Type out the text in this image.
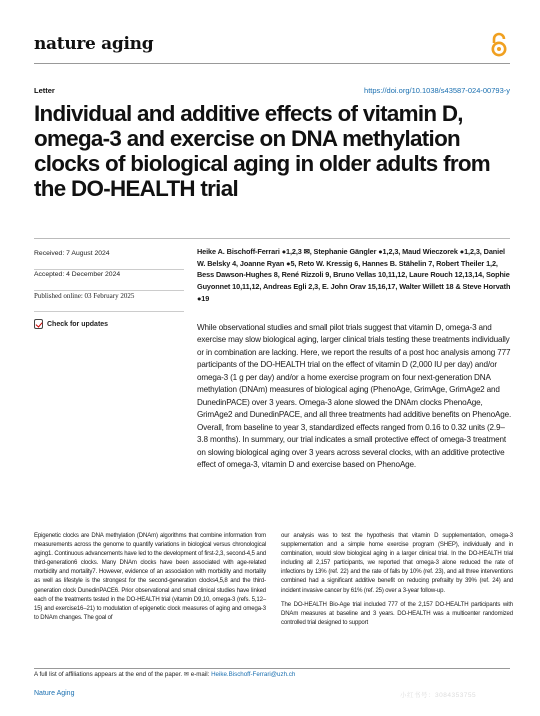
nature aging
Letter	https://doi.org/10.1038/s43587-024-00793-y
Individual and additive effects of vitamin D, omega-3 and exercise on DNA methylation clocks of biological aging in older adults from the DO-HEALTH trial
Received: 7 August 2024
Accepted: 4 December 2024
Published online: 03 February 2025
Check for updates
Heike A. Bischoff-Ferrari ●1,2,3 ✉, Stephanie Gängler ●1,2,3, Maud Wieczorek ●1,2,3, Daniel W. Belsky 4, Joanne Ryan ●5, Reto W. Kressig 6, Hannes B. Stähelin 7, Robert Theiler 1,2, Bess Dawson-Hughes 8, René Rizzoli 9, Bruno Vellas 10,11,12, Laure Rouch 12,13,14, Sophie Guyonnet 10,11,12, Andreas Egli 2,3, E. John Orav 15,16,17, Walter Willett 18 & Steve Horvath ●19
While observational studies and small pilot trials suggest that vitamin D, omega-3 and exercise may slow biological aging, larger clinical trials testing these treatments individually or in combination are lacking. Here, we report the results of a post hoc analysis among 777 participants of the DO-HEALTH trial on the effect of vitamin D (2,000 IU per day) and/or omega-3 (1 g per day) and/or a home exercise program on four next-generation DNA methylation (DNAm) measures of biological aging (PhenoAge, GrimAge, GrimAge2 and DunedinPACE) over 3 years. Omega-3 alone slowed the DNAm clocks PhenoAge, GrimAge2 and DunedinPACE, and all three treatments had additive benefits on PhenoAge. Overall, from baseline to year 3, standardized effects ranged from 0.16 to 0.32 units (2.9–3.8 months). In summary, our trial indicates a small protective effect of omega-3 treatment on slowing biological aging over 3 years across several clocks, with an additive protective effect of omega-3, vitamin D and exercise based on PhenoAge.

Epigenetic clocks are DNA methylation (DNAm) algorithms that combine information from measurements across the genome to quantify variations in biological versus chronological aging1. Continuous advancements have led to the development of first-2,3, second-4,5 and third-generation6 clocks. Many DNAm clocks have been associated with age-related morbidity and mortality7. However, evidence of an association with morbidity and mortality as well as lifestyle is the strongest for the second-generation clocks4,5,8 and the third-generation clock DunedinPACE6. Prior observational and small clinical studies have linked each of the treatments tested in the DO-HEALTH trial (vitamin D9,10, omega-3 (refs. 5,12–15) and exercise16–21) to modulation of epigenetic clock measures of aging and omega-3 to DNAm changes. The goal of

our analysis was to test the hypothesis that vitamin D supplementation, omega-3 supplementation and a simple home exercise program (SHEP), individually and in combination, would slow biological aging in a larger clinical trial. In the DO-HEALTH trial including all 2,157 participants, we reported that omega-3 alone reduced the rate of infections by 13% (ref. 22) and the rate of falls by 10% (ref. 23), and all three interventions combined had a significant additive benefit on reducing prefrailty by 39% (ref. 24) and incident invasive cancer by 61% (ref. 25) over a 3-year follow-up.

The DO-HEALTH Bio-Age trial included 777 of the 2,157 DO-HEALTH participants with DNAm measures at baseline and 3 years. DO-HEALTH was a multicenter randomized controlled trial designed to support

A full list of affiliations appears at the end of the paper. ✉ e-mail: Heike.Bischoff-Ferrari@uzh.ch
Nature Aging	小红书号：3084353755
